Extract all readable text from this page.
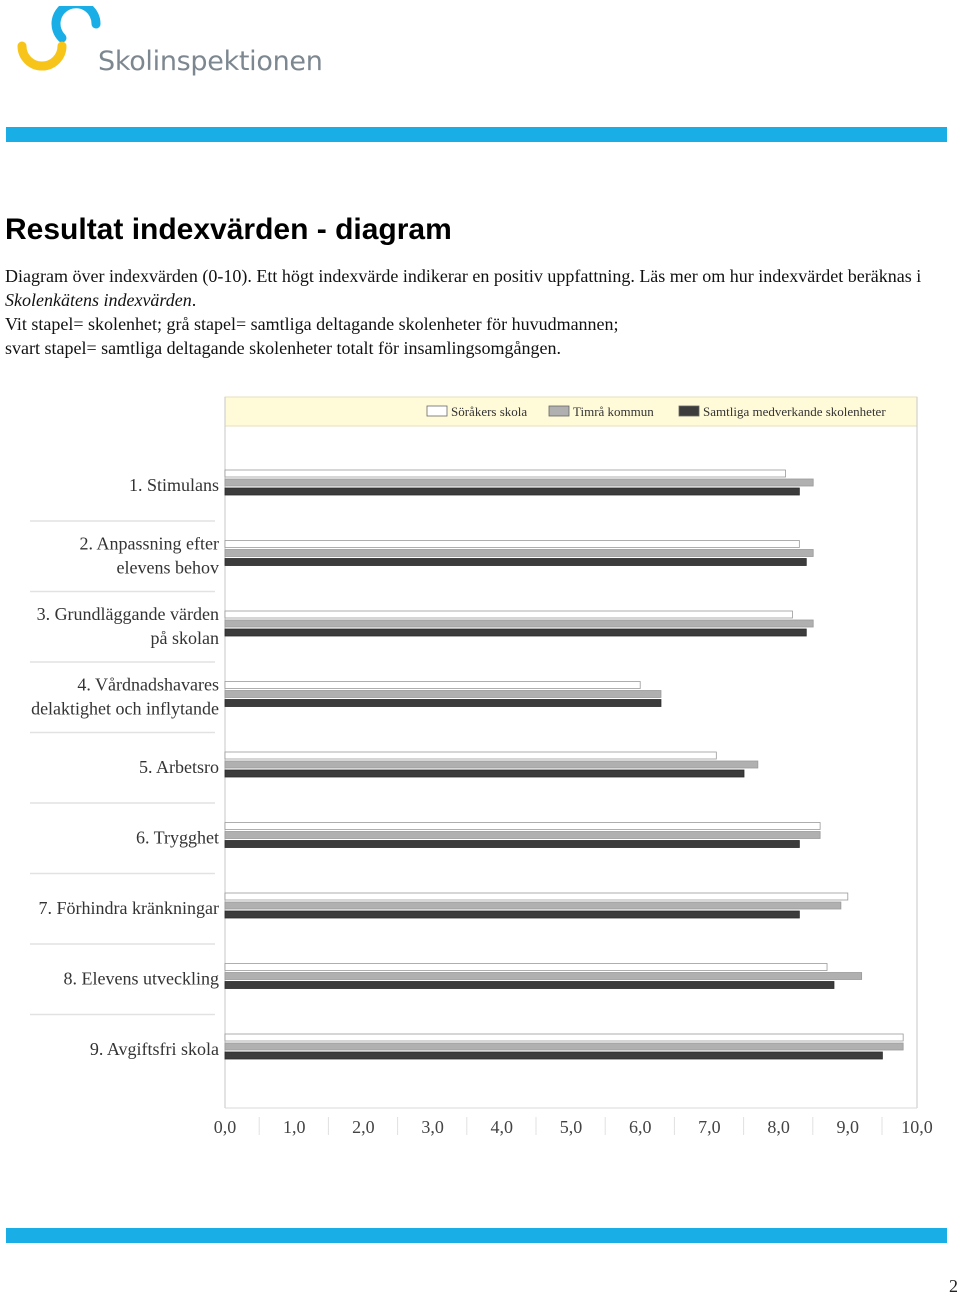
Skolinspektionen
Resultat indexvärden - diagram

Diagram över indexvärden (0-10). Ett högt indexvärde indikerar en positiv uppfattning. Läs mer om hur indexvärdet beräknas i Skolenkätens indexvärden.

Vit stapel= skolenhet; grå stapel= samtliga deltagande skolenheter för huvudmannen;

svart stapel= samtliga deltagande skolenheter totalt för insamlingsomgången.

Söråkers skola	Timrå kommun	Samtliga medverkande skolenheter
1. Stimulans
2. Anpassning efter
elevens behov
3. Grundläggande värden
på skolan
4. Vårdnadshavares
delaktighet och inflytande
5. Arbetsro
6. Trygghet
7. Förhindra kränkningar
8. Elevens utveckling
9. Avgiftsfri skola
0,0	1,0	2,0	3,0	4,0	5,0	6,0	7,0	8,0	9,0 10,0
2
